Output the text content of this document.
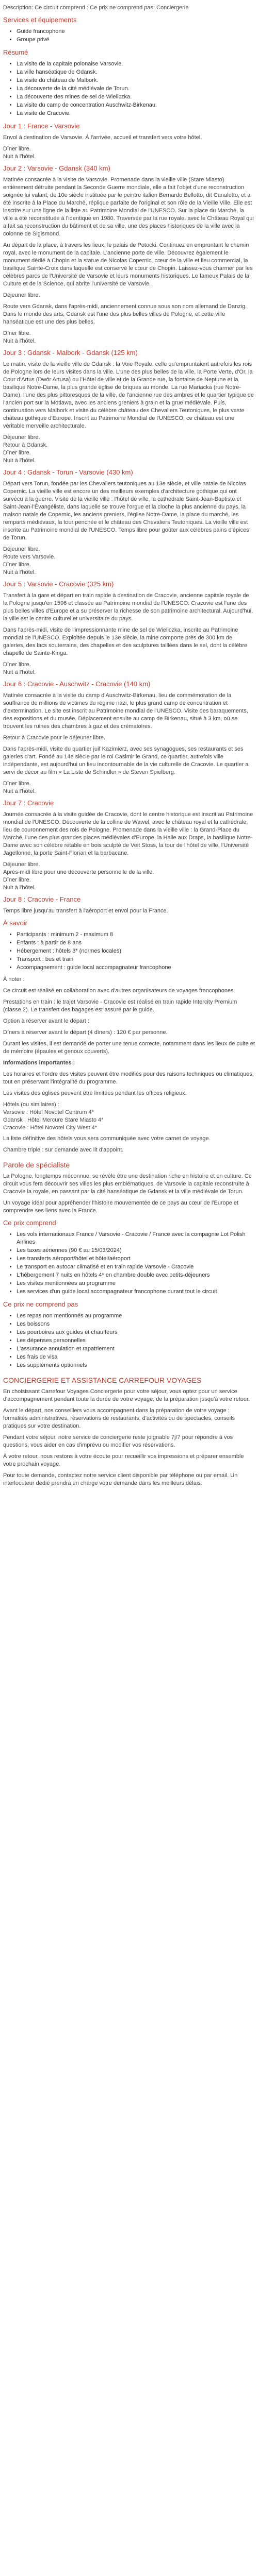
Description: Ce circuit comprend : Ce prix ne comprend pas: Conciergerie

Services et équipements
• Guide francophone
• Groupe privé
Résumé
• La visite de la capitale polonaise Varsovie.
• La ville hanséatique de Gdansk.
• La visite du château de Malbork.
• La découverte de la cité médiévale de Torun.
• La découverte des mines de sel de Wieliczka.
• La visite du camp de concentration Auschwitz-Birkenau.
• La visite de Cracovie.
Jour 1 : France - Varsovie

Envol à destination de Varsovie. À l'arrivée, accueil et transfert vers votre hôtel.

Dîner libre.

Nuit à l'hôtel.

Jour 2 : Varsovie - Gdansk (340 km)

Matinée consacrée à la visite de Varsovie. Promenade dans la vieille ville (Stare Miasto) entièrement détruite pendant la Seconde Guerre mondiale, elle a fait l'objet d'une reconstruction soignée lui valant, de 10e siècle instituée par le peintre italien Bernardo Bellotto, dit Canaletto, et a été inscrite à la Place du Marché, réplique parfaite de l'original et son rôle de la Vieille Ville. Elle est inscrite sur une ligne de la liste au Patrimoine Mondial de l'UNESCO. Sur la place du Marché, la ville a été reconstituée à l'identique en 1980. Traversée par la rue royale, avec le Château Royal qui a fait sa reconstruction du bâtiment et de sa ville, une des places historiques de la ville avec la colonne de Sigismond.

Au départ de la place, à travers les lieux, le palais de Potocki. Continuez en empruntant le chemin royal, avec le monument de la capitale. L'ancienne porte de ville. Découvrez également le monument dédié à Chopin et la statue de Nicolas Copernic, cœur de la ville et lieu commercial, la basilique Sainte-Croix dans laquelle est conservé le cœur de Chopin. Laissez-vous charmer par les célèbres parcs de l'Université de Varsovie et leurs monuments historiques. Le fameux Palais de la Culture et de la Science, qui abrite l'université de Varsovie.

Déjeuner libre.

Route vers Gdansk, dans l'après-midi, anciennement connue sous son nom allemand de Danzig. Dans le monde des arts, Gdansk est l'une des plus belles villes de Pologne, et cette ville hanséatique est une des plus belles.

Dîner libre.

Nuit à l'hôtel.

Jour 3 : Gdansk - Malbork - Gdansk (125 km)

Le matin, visite de la vieille ville de Gdansk : la Voie Royale, celle qu'empruntaient autrefois les rois de Pologne lors de leurs visites dans la ville. L'une des plus belles de la ville, la Porte Verte, d'Or, la Cour d'Artus (Dwór Artusa) ou l'Hôtel de ville et de la Grande rue, la fontaine de Neptune et la basilique Notre-Dame, la plus grande église de briques au monde. La rue Mariacka (rue Notre-Dame), l'une des plus pittoresques de la ville, de l'ancienne rue des ambres et le quartier typique de l'ancien port sur la Motlawa, avec les anciens greniers à grain et la grue médiévale. Puis, continuation vers Malbork et visite du célèbre château des Chevaliers Teutoniques, le plus vaste château gothique d'Europe. Inscrit au Patrimoine Mondial de l'UNESCO, ce château est une véritable merveille architecturale.

Déjeuner libre.

Retour à Gdansk.

Dîner libre.

Nuit à l'hôtel.

Jour 4 : Gdansk - Torun - Varsovie (430 km)

Départ vers Torun, fondée par les Chevaliers teutoniques au 13e siècle, et ville natale de Nicolas Copernic. La vieille ville est encore un des meilleurs exemples d'architecture gothique qui ont survécu à la guerre. Visite de la vieille ville : l'hôtel de ville, la cathédrale Saint-Jean-Baptiste et Saint-Jean-l'Évangéliste, dans laquelle se trouve l'orgue et la cloche la plus ancienne du pays, la maison natale de Copernic, les anciens greniers, l'église Notre-Dame, la place du marché, les remparts médiévaux, la tour penchée et le château des Chevaliers Teutoniques. La vieille ville est inscrite au Patrimoine mondial de l'UNESCO. Temps libre pour goûter aux célèbres pains d'épices de Torun.

Déjeuner libre.

Route vers Varsovie.

Dîner libre.

Nuit à l'hôtel.

Jour 5 : Varsovie - Cracovie (325 km)

Transfert à la gare et départ en train rapide à destination de Cracovie, ancienne capitale royale de la Pologne jusqu'en 1596 et classée au Patrimoine mondial de l'UNESCO. Cracovie est l'une des plus belles villes d'Europe et a su préserver la richesse de son patrimoine architectural. Aujourd'hui, la ville est le centre culturel et universitaire du pays.

Dans l'après-midi, visite de l'impressionnante mine de sel de Wieliczka, inscrite au Patrimoine mondial de l'UNESCO. Exploitée depuis le 13e siècle, la mine comporte près de 300 km de galeries, des lacs souterrains, des chapelles et des sculptures taillées dans le sel, dont la célèbre chapelle de Sainte-Kinga.

Dîner libre.

Nuit à l'hôtel.

Jour 6 : Cracovie - Auschwitz - Cracovie (140 km)

Matinée consacrée à la visite du camp d'Auschwitz-Birkenau, lieu de commémoration de la souffrance de millions de victimes du régime nazi, le plus grand camp de concentration et d'extermination. Le site est inscrit au Patrimoine mondial de l'UNESCO. Visite des baraquements, des expositions et du musée. Déplacement ensuite au camp de Birkenau, situé à 3 km, où se trouvent les ruines des chambres à gaz et des crématoires.

Retour à Cracovie pour le déjeuner libre.

Dans l'après-midi, visite du quartier juif Kazimierz, avec ses synagogues, ses restaurants et ses galeries d'art. Fondé au 14e siècle par le roi Casimir le Grand, ce quartier, autrefois ville indépendante, est aujourd'hui un lieu incontournable de la vie culturelle de Cracovie. Le quartier a servi de décor au film « La Liste de Schindler » de Steven Spielberg.

Dîner libre.

Nuit à l'hôtel.

Jour 7 : Cracovie

Journée consacrée à la visite guidée de Cracovie, dont le centre historique est inscrit au Patrimoine mondial de l'UNESCO. Découverte de la colline de Wawel, avec le château royal et la cathédrale, lieu de couronnement des rois de Pologne. Promenade dans la vieille ville : la Grand-Place du Marché, l'une des plus grandes places médiévales d'Europe, la Halle aux Draps, la basilique Notre-Dame avec son célèbre retable en bois sculpté de Veit Stoss, la tour de l'hôtel de ville, l'Université Jagellonne, la porte Saint-Florian et la barbacane.

Déjeuner libre.

Après-midi libre pour une découverte personnelle de la ville.

Dîner libre.

Nuit à l'hôtel.

Jour 8 : Cracovie - France

Temps libre jusqu'au transfert à l'aéroport et envol pour la France.

À savoir
• Participants : minimum 2 - maximum 8
• Enfants : à partir de 8 ans
• Hébergement : hôtels 3* (normes locales)
• Transport : bus et train
• Accompagnement : guide local accompagnateur francophone

À noter :

Ce circuit est réalisé en collaboration avec d'autres organisateurs de voyages francophones.

Prestations en train : le trajet Varsovie - Cracovie est réalisé en train rapide Intercity Premium (classe 2). Le transfert des bagages est assuré par le guide.

Option à réserver avant le départ :

Dîners à réserver avant le départ (4 dîners) : 120 € par personne.

Durant les visites, il est demandé de porter une tenue correcte, notamment dans les lieux de culte et de mémoire (épaules et genoux couverts).

Informations importantes :

Les horaires et l'ordre des visites peuvent être modifiés pour des raisons techniques ou climatiques, tout en préservant l'intégralité du programme.

Les visites des églises peuvent être limitées pendant les offices religieux.

Hôtels (ou similaires) :

Varsovie : Hôtel Novotel Centrum 4*

Gdansk : Hôtel Mercure Stare Miasto 4*

Cracovie : Hôtel Novotel City West 4*

La liste définitive des hôtels vous sera communiquée avec votre carnet de voyage.

Chambre triple : sur demande avec lit d'appoint.

Parole de spécialiste

La Pologne, longtemps méconnue, se révèle être une destination riche en histoire et en culture. Ce circuit vous fera découvrir ses villes les plus emblématiques, de Varsovie la capitale reconstruite à Cracovie la royale, en passant par la cité hanséatique de Gdansk et la ville médiévale de Torun.

Un voyage idéal pour appréhender l'histoire mouvementée de ce pays au cœur de l'Europe et comprendre ses liens avec la France.

Ce prix comprend
• Les vols internationaux France / Varsovie - Cracovie / France avec la compagnie Lot Polish Airlines
• Les taxes aériennes (90 € au 15/03/2024)
• Les transferts aéroport/hôtel et hôtel/aéroport
• Le transport en autocar climatisé et en train rapide Varsovie - Cracovie
• L'hébergement 7 nuits en hôtels 4* en chambre double avec petits-déjeuners
• Les visites mentionnées au programme
• Les services d'un guide local accompagnateur francophone durant tout le circuit
Ce prix ne comprend pas
• Les repas non mentionnés au programme
• Les boissons
• Les pourboires aux guides et chauffeurs
• Les dépenses personnelles
• L'assurance annulation et rapatriement
• Les frais de visa
• Les suppléments optionnels
CONCIERGERIE ET ASSISTANCE CARREFOUR VOYAGES

En choisissant Carrefour Voyages Conciergerie pour votre séjour, vous optez pour un service d'accompagnement pendant toute la durée de votre voyage, de la préparation jusqu'à votre retour.

Avant le départ, nos conseillers vous accompagnent dans la préparation de votre voyage : formalités administratives, réservations de restaurants, d'activités ou de spectacles, conseils pratiques sur votre destination.

Pendant votre séjour, notre service de conciergerie reste joignable 7j/7 pour répondre à vos questions, vous aider en cas d'imprévu ou modifier vos réservations.

À votre retour, nous restons à votre écoute pour recueillir vos impressions et préparer ensemble votre prochain voyage.

Pour toute demande, contactez notre service client disponible par téléphone ou par email. Un interlocuteur dédié prendra en charge votre demande dans les meilleurs délais.
